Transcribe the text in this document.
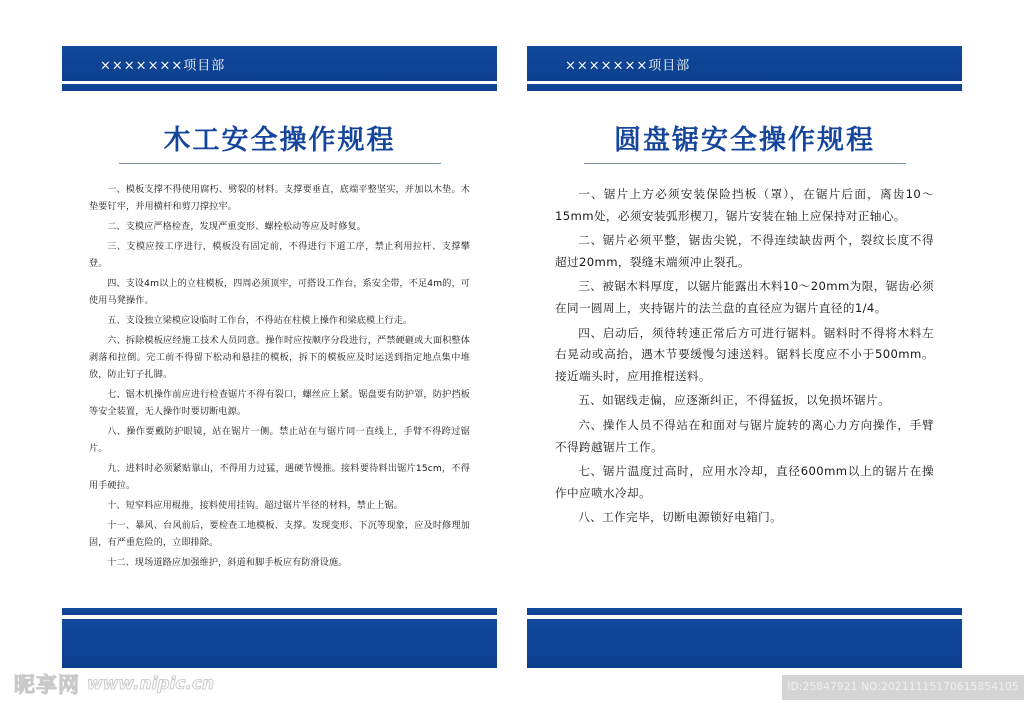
×××××××项目部
木工安全操作规程

一、模板支撑不得使用腐朽、劈裂的材料。支撑要垂直，底端平整坚实，并加以木垫。木垫要钉牢，并用横杆和剪刀撑拉牢。

二、支模应严格检查，发现严重变形、螺栓松动等应及时修复。

三、支模应按工序进行，模板没有固定前，不得进行下道工序，禁止利用拉杆、支撑攀登。

四、支设4m以上的立柱模板，四周必须顶牢，可搭设工作台，系安全带，不足4m的，可使用马凳操作。

五、支设独立梁模应设临时工作台，不得站在柱模上操作和梁底模上行走。

六、拆除模板应经施工技术人员同意。操作时应按顺序分段进行，严禁硬砸或大面积整体剥落和拉倒。完工前不得留下松动和悬挂的模板，拆下的模板应及时运送到指定地点集中堆放，防止钉子扎脚。

七、锯木机操作前应进行检查锯片不得有裂口，螺丝应上紧。锯盘要有防护罩，防护挡板等安全装置，无人操作时要切断电源。

八、操作要戴防护眼镜，站在锯片一侧。禁止站在与锯片同一直线上，手臂不得跨过锯片。

九、进料时必须紧贴靠山，不得用力过猛，遇硬节慢推。接料要待料出锯片15cm，不得用手硬拉。

十、短窄料应用棍推，接料使用挂钩。超过锯片半径的材料，禁止上锯。

十一、暴风、台风前后，要检查工地模板、支撑。发现变形、下沉等现象，应及时修理加固，有严重危险的，立即排除。

十二、现场道路应加强维护，斜道和脚手板应有防滑设施。

×××××××项目部
圆盘锯安全操作规程

一、锯片上方必须安装保险挡板（罩），在锯片后面，离齿10～15mm处，必须安装弧形楔刀，锯片安装在轴上应保持对正轴心。

二、锯片必须平整，锯齿尖锐，不得连续缺齿两个，裂纹长度不得超过20mm，裂缝末端须冲止裂孔。

三、被锯木料厚度，以锯片能露出木料10～20mm为限，锯齿必须在同一圆周上，夹持锯片的法兰盘的直径应为锯片直径的1/4。

四、启动后，须待转速正常后方可进行锯料。锯料时不得将木料左右晃动或高抬，遇木节要缓慢匀速送料。锯料长度应不小于500mm。接近端头时，应用推棍送料。

五、如锯线走偏，应逐渐纠正，不得猛扳，以免损坏锯片。

六、操作人员不得站在和面对与锯片旋转的离心力方向操作，手臂不得跨越锯片工作。

七、锯片温度过高时，应用水冷却，直径600mm以上的锯片在操作中应喷水冷却。

八、工作完毕，切断电源锁好电箱门。

昵享网 www.nipic.cn	ID:25847921 NO:20211115170615854105
